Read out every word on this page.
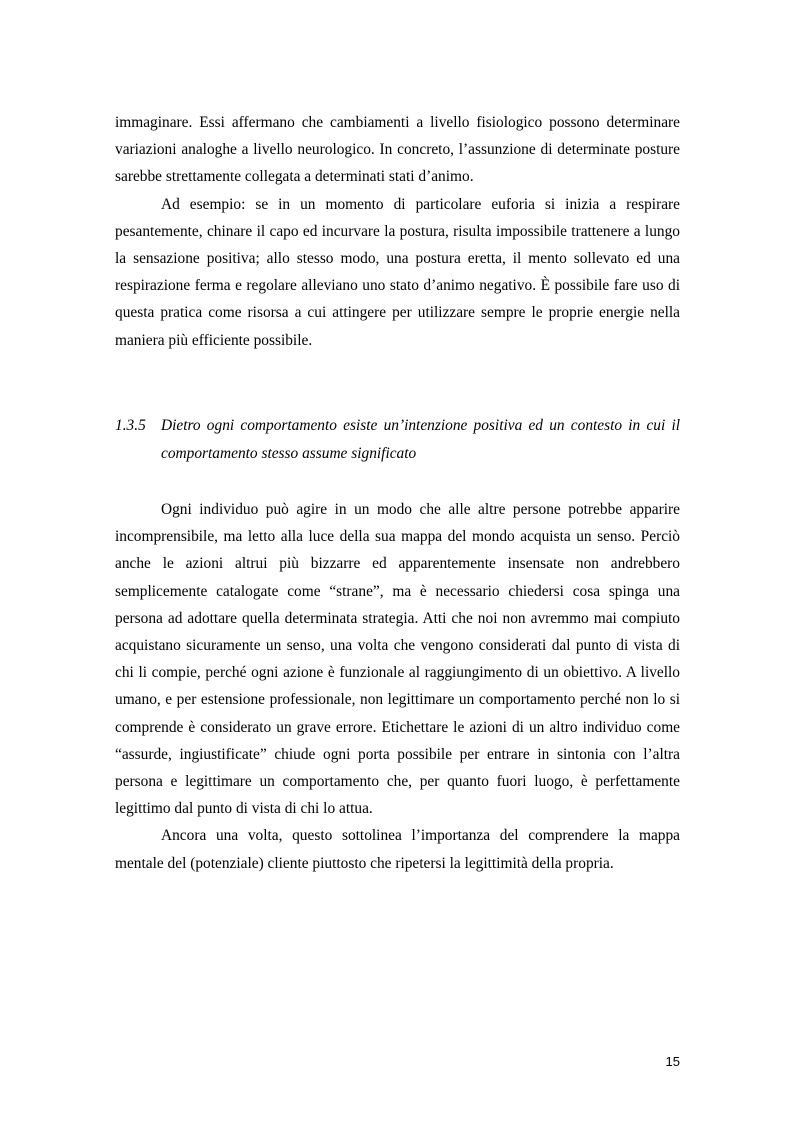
immaginare. Essi affermano che cambiamenti a livello fisiologico possono determinare variazioni analoghe a livello neurologico. In concreto, l’assunzione di determinate posture sarebbe strettamente collegata a determinati stati d’animo.

Ad esempio: se in un momento di particolare euforia si inizia a respirare pesantemente, chinare il capo ed incurvare la postura, risulta impossibile trattenere a lungo la sensazione positiva; allo stesso modo, una postura eretta, il mento sollevato ed una respirazione ferma e regolare alleviano uno stato d’animo negativo. È possibile fare uso di questa pratica come risorsa a cui attingere per utilizzare sempre le proprie energie nella maniera più efficiente possibile.

1.3.5 Dietro ogni comportamento esiste un’intenzione positiva ed un contesto in cui il comportamento stesso assume significato

Ogni individuo può agire in un modo che alle altre persone potrebbe apparire incomprensibile, ma letto alla luce della sua mappa del mondo acquista un senso. Perciò anche le azioni altrui più bizzarre ed apparentemente insensate non andrebbero semplicemente catalogate come “strane”, ma è necessario chiedersi cosa spinga una persona ad adottare quella determinata strategia. Atti che noi non avremmo mai compiuto acquistano sicuramente un senso, una volta che vengono considerati dal punto di vista di chi li compie, perché ogni azione è funzionale al raggiungimento di un obiettivo. A livello umano, e per estensione professionale, non legittimare un comportamento perché non lo si comprende è considerato un grave errore. Etichettare le azioni di un altro individuo come “assurde, ingiustificate” chiude ogni porta possibile per entrare in sintonia con l’altra persona e legittimare un comportamento che, per quanto fuori luogo, è perfettamente legittimo dal punto di vista di chi lo attua.

Ancora una volta, questo sottolinea l’importanza del comprendere la mappa mentale del (potenziale) cliente piuttosto che ripetersi la legittimità della propria.

15
